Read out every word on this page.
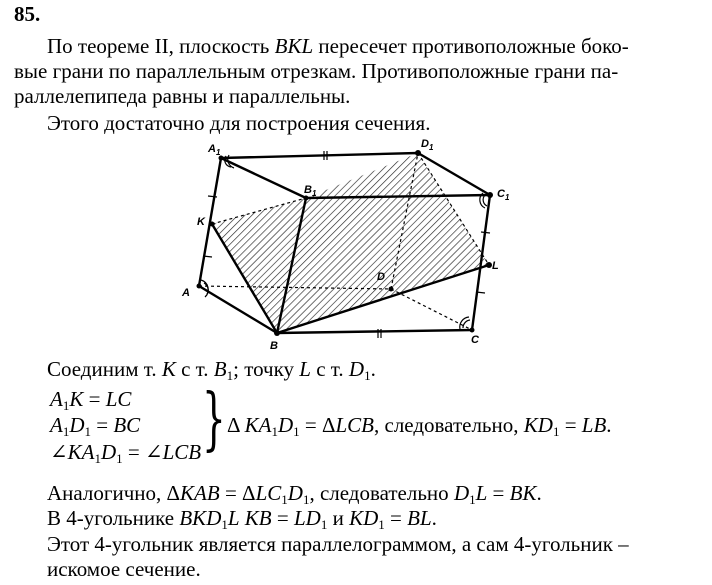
85.
По теореме II, плоскость BKL пересечет противоположные боко-
вые грани по параллельным отрезкам. Противоположные грани па-
раллелепипеда равны и параллельны.
Этого достаточно для построения сечения.
$A_1$
$D_1$
$B_1$	$C_1$
K
L
D
A
B	C
Соединим т. K с т. $B_1$; точку L с т. $D_1$.
$A_1K$ = LC
$A_1D_1$ = BC
$\angle KA_1D_1$ = ∠LCB } Δ $KA_1D_1 = \Delta LCB$, следовательно, $KD_1$ = LB.
Аналогично, $\Delta KAB = \Delta LC_1D_1$, следовательно $D_1L$ = BK.
В 4-угольнике $BKD_1L$ KB = $LD_1$ и $KD_1$ = BL.
Этот 4-угольник является параллелограммом, а сам 4-угольник –
искомое сечение.
